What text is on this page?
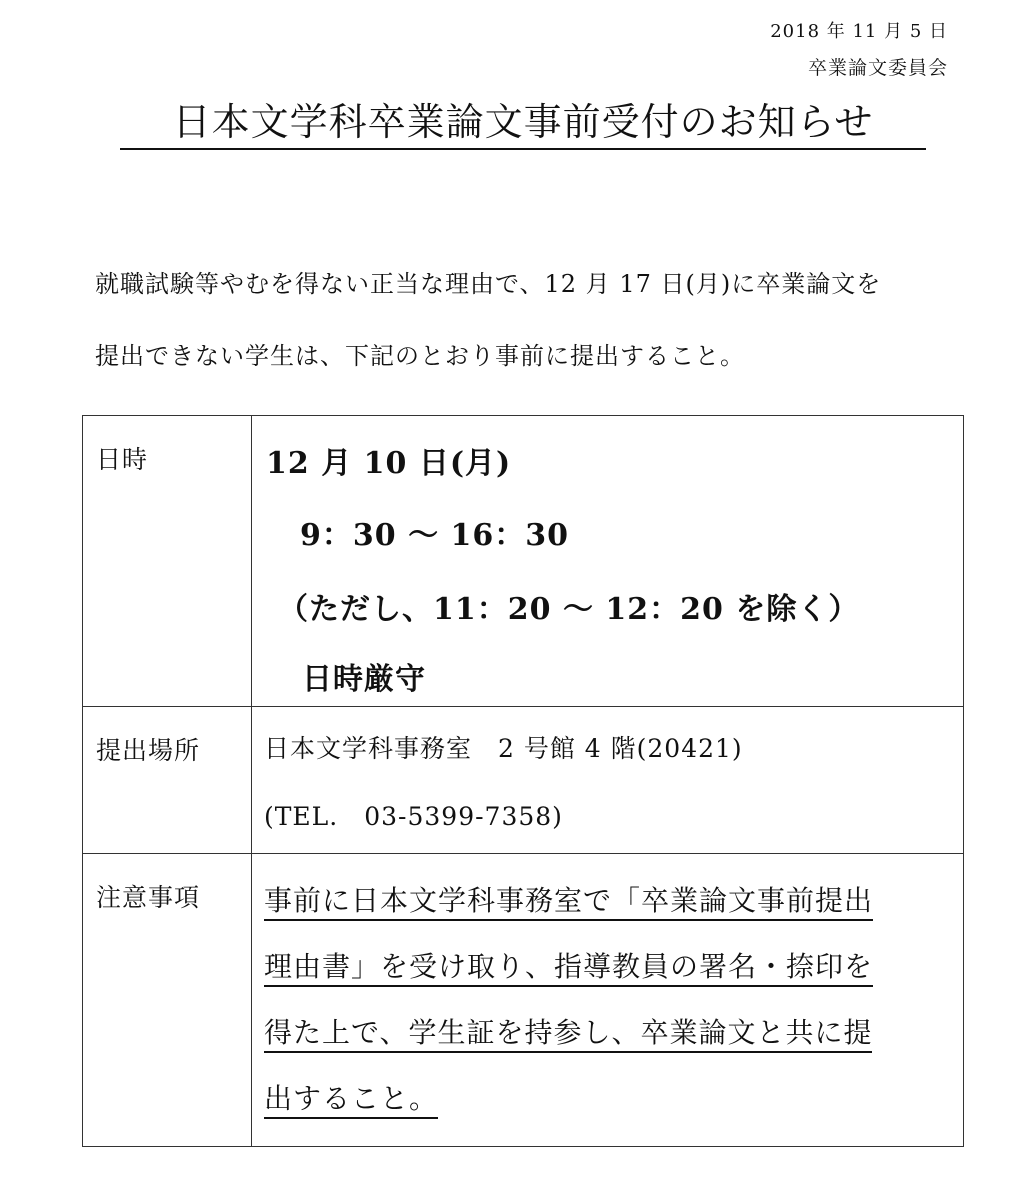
2018 年 11 月 5 日
卒業論文委員会
日本文学科卒業論文事前受付のお知らせ

就職試験等やむを得ない正当な理由で、12 月 17 日(月)に卒業論文を

提出できない学生は、下記のとおり事前に提出すること。

日時	12 月 10 日(月)
9：30 ～ 16：30
（ただし、11：20 ～ 12：20 を除く）
日時厳守

提出場所	日本文学科事務室　2 号館 4 階(20421)
(TEL.　03-5399-7358)

注意事項	事前に日本文学科事務室で「卒業論文事前提出
理由書」を受け取り、指導教員の署名・捺印を
得た上で、学生証を持参し、卒業論文と共に提
出すること。
